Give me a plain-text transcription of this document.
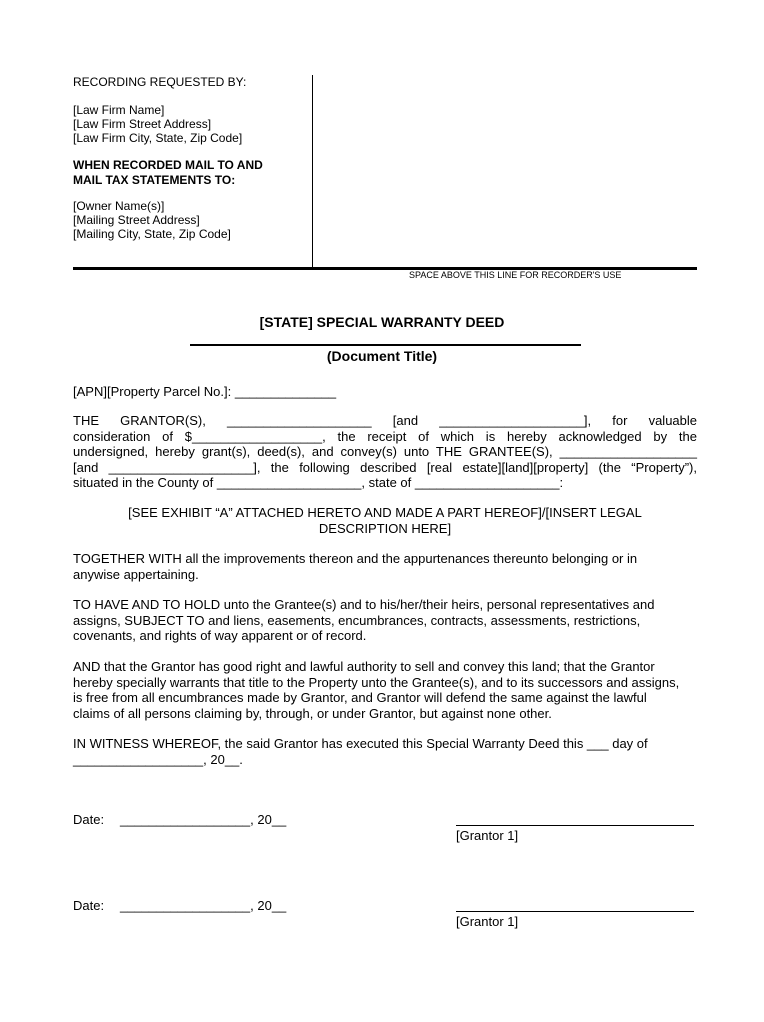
RECORDING REQUESTED BY:
[Law Firm Name]
[Law Firm Street Address]
[Law Firm City, State, Zip Code]
WHEN RECORDED MAIL TO AND
MAIL TAX STATEMENTS TO:
[Owner Name(s)]
[Mailing Street Address]
[Mailing City, State, Zip Code]
SPACE ABOVE THIS LINE FOR RECORDER'S USE
[STATE] SPECIAL WARRANTY DEED
(Document Title)
[APN][Property Parcel No.]: ______________
THE GRANTOR(S), ____________________ [and ____________________], for valuable
consideration of $__________________, the receipt of which is hereby acknowledged by the
undersigned, hereby grant(s), deed(s), and convey(s) unto THE GRANTEE(S), ___________________
[and ____________________], the following described [real estate][land][property] (the “Property”),
situated in the County of ____________________, state of ____________________:
[SEE EXHIBIT “A” ATTACHED HERETO AND MADE A PART HEREOF]/[INSERT LEGAL
DESCRIPTION HERE]
TOGETHER WITH all the improvements thereon and the appurtenances thereunto belonging or in
anywise appertaining.
TO HAVE AND TO HOLD unto the Grantee(s) and to his/her/their heirs, personal representatives and
assigns, SUBJECT TO and liens, easements, encumbrances, contracts, assessments, restrictions,
covenants, and rights of way apparent or of record.
AND that the Grantor has good right and lawful authority to sell and convey this land; that the Grantor
hereby specially warrants that title to the Property unto the Grantee(s), and to its successors and assigns,
is free from all encumbrances made by Grantor, and Grantor will defend the same against the lawful
claims of all persons claiming by, through, or under Grantor, but against none other.
IN WITNESS WHEREOF, the said Grantor has executed this Special Warranty Deed this ___ day of
__________________, 20__.
Date: __________________, 20__
[Grantor 1]
Date: __________________, 20__
[Grantor 1]
